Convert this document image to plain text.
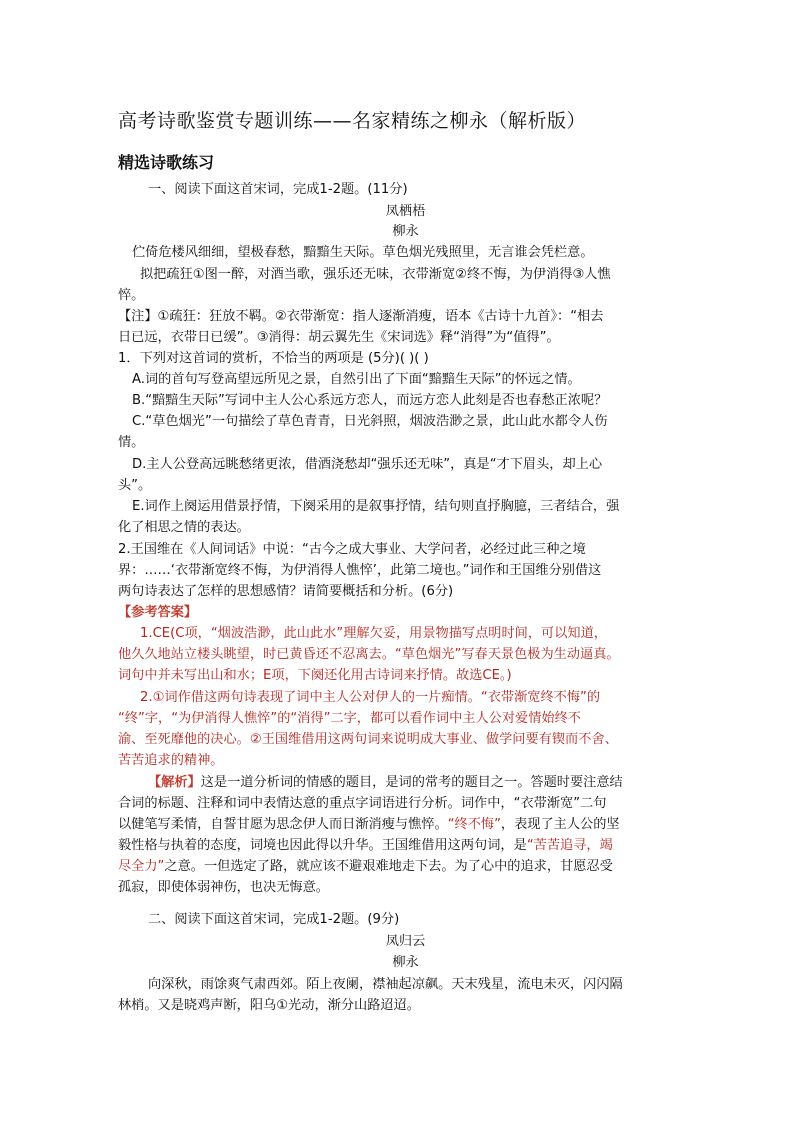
高考诗歌鉴赏专题训练——名家精练之柳永（解析版）
精选诗歌练习
一、阅读下面这首宋词，完成1-2题。(11分)
凤栖梧
柳永
伫倚危楼风细细，望极春愁，黯黯生天际。草色烟光残照里，无言谁会凭栏意。
拟把疏狂①图一醉，对酒当歌，强乐还无味，衣带渐宽②终不悔，为伊消得③人憔
悴。
【注】①疏狂：狂放不羁。②衣带渐宽：指人逐渐消瘦，语本《古诗十九首》：“相去
日已远，衣带日已缓”。③消得：胡云翼先生《宋词选》释“消得”为“值得”。
1．下列对这首词的赏析，不恰当的两项是 (5分)( )( )
A.词的首句写登高望远所见之景，自然引出了下面“黯黯生天际”的怀远之情。
B.“黯黯生天际”写词中主人公心系远方恋人，而远方恋人此刻是否也春愁正浓呢？
C.“草色烟光”一句描绘了草色青青，日光斜照，烟波浩渺之景，此山此水都令人伤
情。
D.主人公登高远眺愁绪更浓，借酒浇愁却“强乐还无味”，真是“才下眉头，却上心
头”。
E.词作上阕运用借景抒情，下阕采用的是叙事抒情，结句则直抒胸臆，三者结合，强
化了相思之情的表达。
2.王国维在《人间词话》中说：“古今之成大事业、大学问者，必经过此三种之境
界：……‘衣带渐宽终不悔，为伊消得人憔悴’，此第二境也。”词作和王国维分别借这
两句诗表达了怎样的思想感情？请简要概括和分析。(6分)
【参考答案】
1.CE(C项，“烟波浩渺，此山此水”理解欠妥，用景物描写点明时间，可以知道，
他久久地站立楼头眺望，时已黄昏还不忍离去。“草色烟光”写春天景色极为生动逼真。
词句中并未写出山和水；E项，下阕还化用古诗词来抒情。故选CE。)
2.①词作借这两句诗表现了词中主人公对伊人的一片痴情。“衣带渐宽终不悔”的
“终”字，“为伊消得人憔悴”的“消得”二字，都可以看作词中主人公对爱情始终不
渝、至死靡他的决心。②王国维借用这两句词来说明成大事业、做学问要有锲而不舍、
苦苦追求的精神。
【解析】这是一道分析词的情感的题目，是词的常考的题目之一。答题时要注意结
合词的标题、注释和词中表情达意的重点字词语进行分析。词作中，“衣带渐宽”二句
以健笔写柔情，自誓甘愿为思念伊人而日渐消瘦与憔悴。“终不悔”，表现了主人公的坚
毅性格与执着的态度，词境也因此得以升华。王国维借用这两句词，是“苦苦追寻，竭
尽全力”之意。一但选定了路，就应该不避艰难地走下去。为了心中的追求，甘愿忍受
孤寂，即使体弱神伤，也决无悔意。
二、阅读下面这首宋词，完成1-2题。(9分)
凤归云
柳永
向深秋，雨馀爽气肃西郊。陌上夜阑，襟袖起凉飙。天末残星，流电未灭，闪闪隔
林梢。又是晓鸡声断，阳乌①光动，渐分山路迢迢。
